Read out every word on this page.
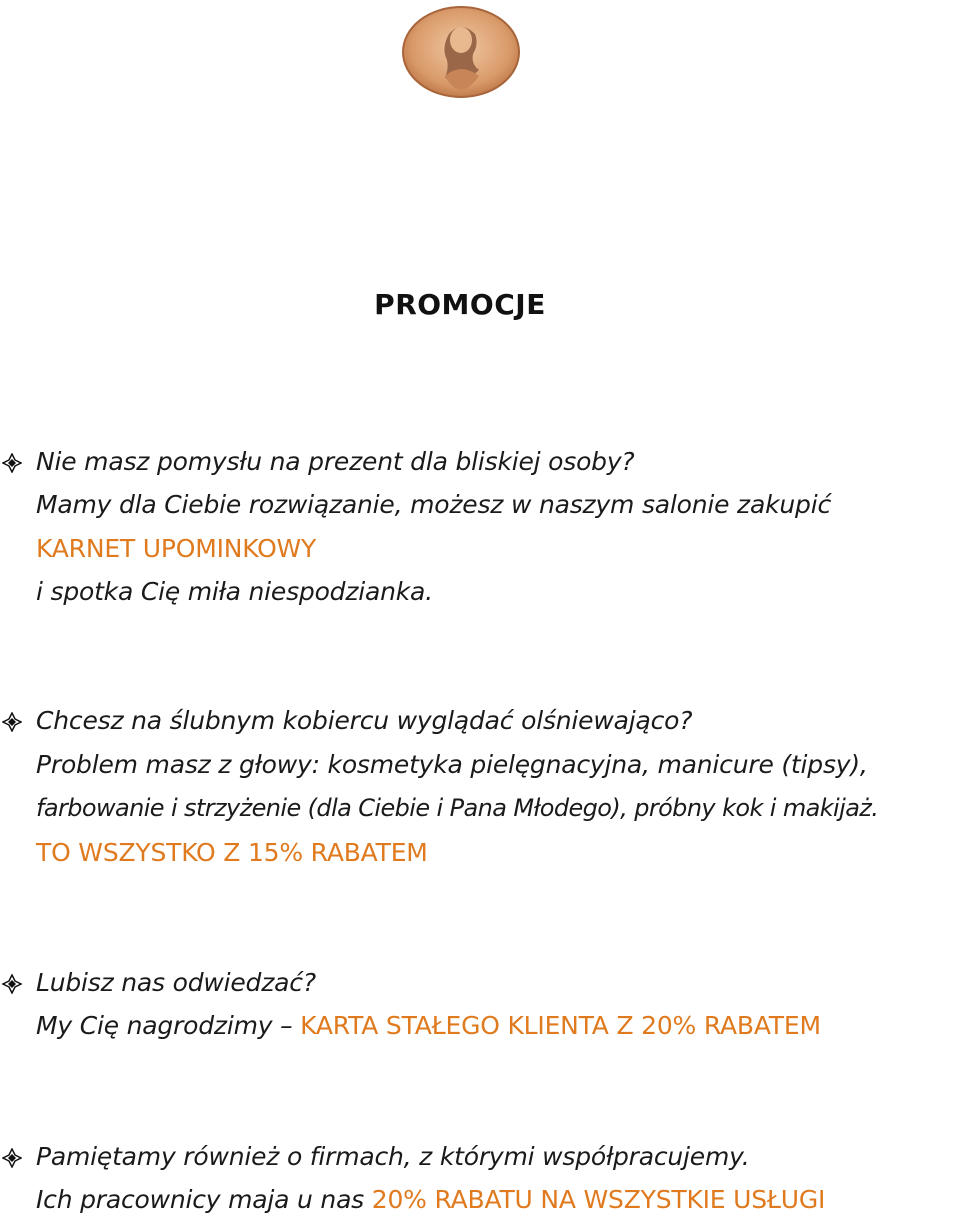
PROMOCJE
Nie masz pomysłu na prezent dla bliskiej osoby?
Mamy dla Ciebie rozwiązanie, możesz w naszym salonie zakupić
KARNET UPOMINKOWY
i spotka Cię miła niespodzianka.
Chcesz na ślubnym kobiercu wyglądać olśniewająco?
Problem masz z głowy: kosmetyka pielęgnacyjna, manicure (tipsy),
farbowanie i strzyżenie (dla Ciebie i Pana Młodego), próbny kok i makijaż.
TO WSZYSTKO Z 15% RABATEM
Lubisz nas odwiedzać?
My Cię nagrodzimy – KARTA STAŁEGO KLIENTA Z 20% RABATEM
Pamiętamy również o firmach, z którymi współpracujemy.
Ich pracownicy maja u nas 20% RABATU NA WSZYSTKIE USŁUGI
